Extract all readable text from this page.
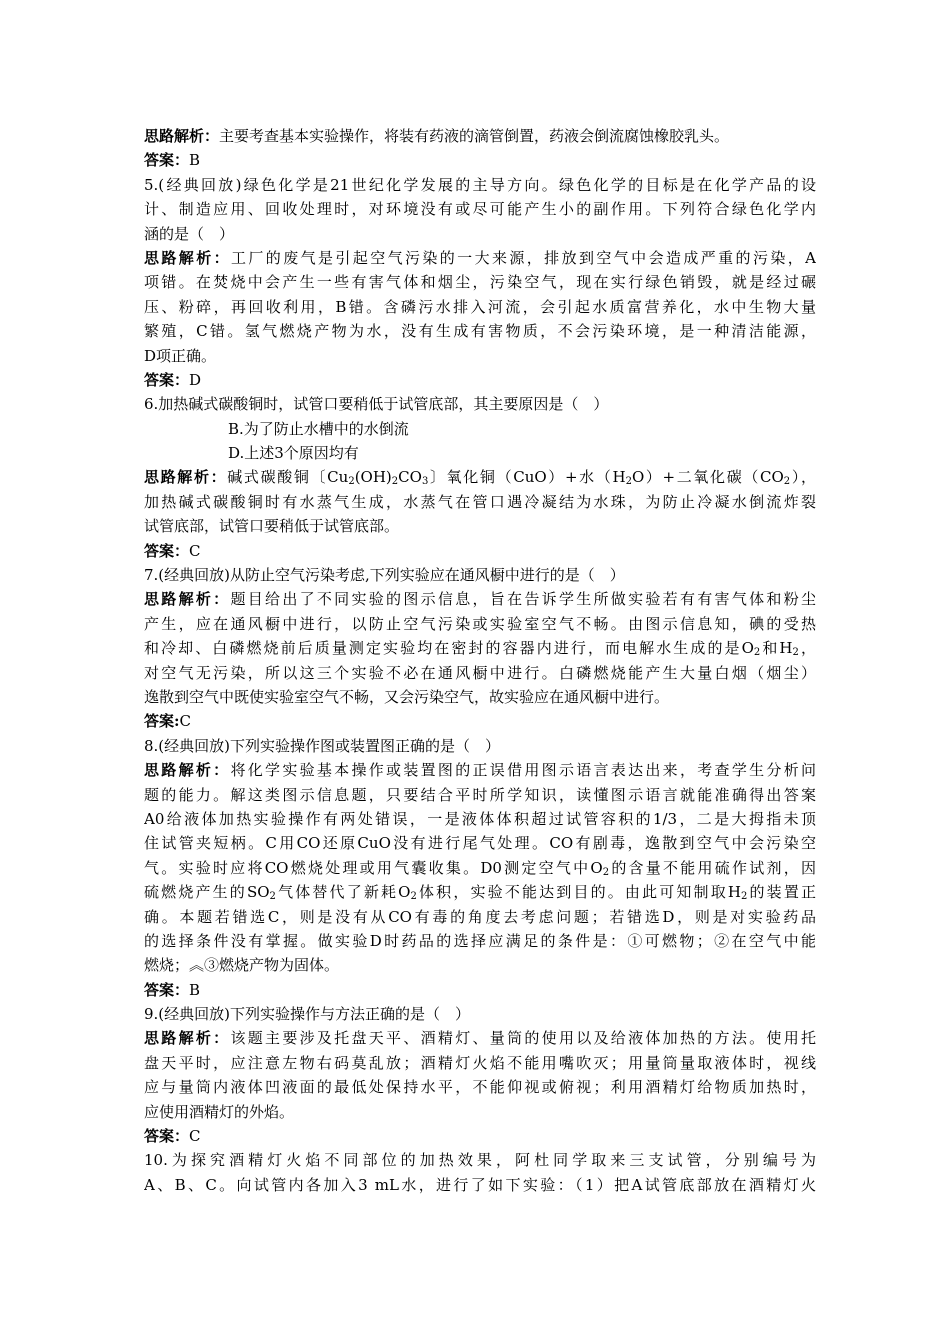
思路解析：主要考查基本实验操作，将装有药液的滴管倒置，药液会倒流腐蚀橡胶乳头。
答案：B
5.(经典回放)绿色化学是21世纪化学发展的主导方向。绿色化学的目标是在化学产品的设
计、制造应用、回收处理时，对环境没有或尽可能产生小的副作用。下列符合绿色化学内
涵的是（　）
思路解析：工厂的废气是引起空气污染的一大来源，排放到空气中会造成严重的污染，A
项错。在焚烧中会产生一些有害气体和烟尘，污染空气，现在实行绿色销毁，就是经过碾
压、粉碎，再回收利用，B错。含磷污水排入河流，会引起水质富营养化，水中生物大量
繁殖，C错。氢气燃烧产物为水，没有生成有害物质，不会污染环境，是一种清洁能源，
D项正确。
答案：D
6.加热碱式碳酸铜时，试管口要稍低于试管底部，其主要原因是（　）
B.为了防止水槽中的水倒流
D.上述3个原因均有
思路解析：碱式碳酸铜〔$Cu_2(OH)_2CO_3$〕氧化铜（CuO）+水$(H_2O)+$二氧化碳$(CO_2)$，
加热碱式碳酸铜时有水蒸气生成，水蒸气在管口遇冷凝结为水珠，为防止冷凝水倒流炸裂
试管底部，试管口要稍低于试管底部。
答案：C
7.(经典回放)从防止空气污染考虑,下列实验应在通风橱中进行的是（　）
思路解析：题目给出了不同实验的图示信息，旨在告诉学生所做实验若有有害气体和粉尘
产生，应在通风橱中进行，以防止空气污染或实验室空气不畅。由图示信息知，碘的受热
和冷却、白磷燃烧前后质量测定实验均在密封的容器内进行，而电解水生成的是$O_2$和$H_2$，
对空气无污染，所以这三个实验不必在通风橱中进行。白磷燃烧能产生大量白烟（烟尘）
逸散到空气中既使实验室空气不畅，又会污染空气，故实验应在通风橱中进行。
答案:C
8.(经典回放)下列实验操作图或装置图正确的是（　）
思路解析：将化学实验基本操作或装置图的正误借用图示语言表达出来，考查学生分析问
题的能力。解这类图示信息题，只要结合平时所学知识，读懂图示语言就能准确得出答案
A0给液体加热实验操作有两处错误，一是液体体积超过试管容积的1/3，二是大拇指未顶
住试管夹短柄。C用CO还原CuO没有进行尾气处理。CO有剧毒，逸散到空气中会污染空
气。实验时应将CO燃烧处理或用气囊收集。D0测定空气中$O_2$的含量不能用硫作试剂，因
硫燃烧产生的$SO_2$气体替代了新耗$O_2$体积，实验不能达到目的。由此可知制取$H_2$的装置正
确。本题若错选C，则是没有从CO有毒的角度去考虑问题；若错选D，则是对实验药品
的选择条件没有掌握。做实验D时药品的选择应满足的条件是：①可燃物；②在空气中能
燃烧；︽③燃烧产物为固体。
答案：B
9.(经典回放)下列实验操作与方法正确的是（　）
思路解析：该题主要涉及托盘天平、酒精灯、量筒的使用以及给液体加热的方法。使用托
盘天平时，应注意左物右码莫乱放；酒精灯火焰不能用嘴吹灭；用量筒量取液体时，视线
应与量筒内液体凹液面的最低处保持水平，不能仰视或俯视；利用酒精灯给物质加热时，
应使用酒精灯的外焰。
答案：C
10.为探究酒精灯火焰不同部位的加热效果，阿杜同学取来三支试管，分别编号为
A、B、C。向试管内各加入3 mL水，进行了如下实验：（1）把A试管底部放在酒精灯火
